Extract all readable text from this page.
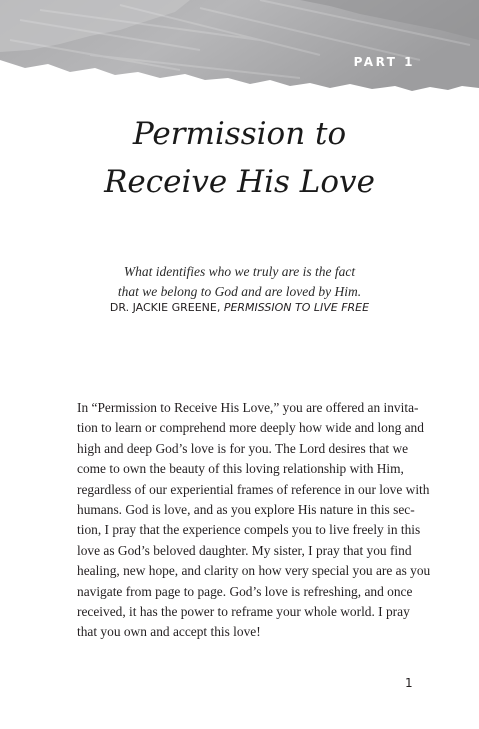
PART 1
Permission to
Receive His Love
What identifies who we truly are is the fact
that we belong to God and are loved by Him.
DR. JACKIE GREENE, PERMISSION TO LIVE FREE
In “Permission to Receive His Love,” you are offered an invita-
tion to learn or comprehend more deeply how wide and long and
high and deep God’s love is for you. The Lord desires that we
come to own the beauty of this loving relationship with Him,
regardless of our experiential frames of reference in our love with
humans. God is love, and as you explore His nature in this sec-
tion, I pray that the experience compels you to live freely in this
love as God’s beloved daughter. My sister, I pray that you find
healing, new hope, and clarity on how very special you are as you
navigate from page to page. God’s love is refreshing, and once
received, it has the power to reframe your whole world. I pray
that you own and accept this love!
1
